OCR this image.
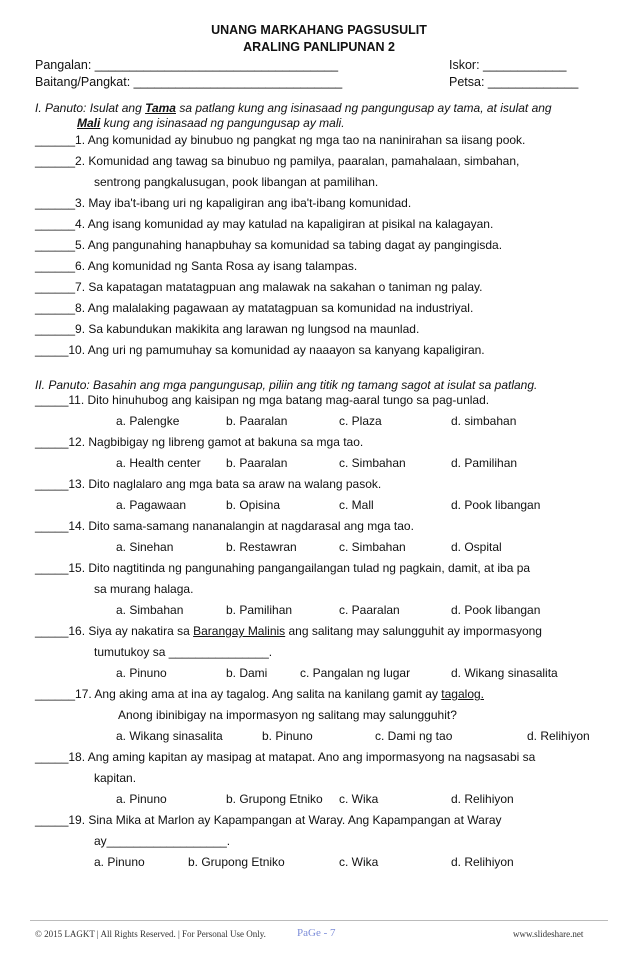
UNANG MARKAHANG PAGSUSULIT
ARALING PANLIPUNAN 2
Pangalan: ___________________________________	Iskor: ____________
Baitang/Pangkat: ______________________________	Petsa: _____________
I. Panuto: Isulat ang Tama sa patlang kung ang isinasaad ng pangungusap ay tama, at isulat ang
Mali kung ang isinasaad ng pangungusap ay mali.
______1. Ang komunidad ay binubuo ng pangkat ng mga tao na naninirahan sa iisang pook.
______2. Komunidad ang tawag sa binubuo ng pamilya, paaralan, pamahalaan, simbahan,
sentrong pangkalusugan, pook libangan at pamilihan.
______3. May iba't-ibang uri ng kapaligiran ang iba't-ibang komunidad.
______4. Ang isang komunidad ay may katulad na kapaligiran at pisikal na kalagayan.
______5. Ang pangunahing hanapbuhay sa komunidad sa tabing dagat ay pangingisda.
______6. Ang komunidad ng Santa Rosa ay isang talampas.
______7. Sa kapatagan matatagpuan ang malawak na sakahan o taniman ng palay.
______8. Ang malalaking pagawaan ay matatagpuan sa komunidad na industriyal.
______9. Sa kabundukan makikita ang larawan ng lungsod na maunlad.
_____10. Ang uri ng pamumuhay sa komunidad ay naaayon sa kanyang kapaligiran.
II. Panuto: Basahin ang mga pangungusap, piliin ang titik ng tamang sagot at isulat sa patlang.
_____11. Dito hinuhubog ang kaisipan ng mga batang mag-aaral tungo sa pag-unlad.
a. Palengke	b. Paaralan	c. Plaza	d. simbahan
_____12. Nagbibigay ng libreng gamot at bakuna sa mga tao.
a. Health center b. Paaralan	c. Simbahan	d. Pamilihan
_____13. Dito naglalaro ang mga bata sa araw na walang pasok.
a. Pagawaan	b. Opisina	c. Mall	d. Pook libangan
_____14. Dito sama-samang nananalangin at nagdarasal ang mga tao.
a. Sinehan	b. Restawran	c. Simbahan	d. Ospital
_____15. Dito nagtitinda ng pangunahing pangangailangan tulad ng pagkain, damit, at iba pa
sa murang halaga.
a. Simbahan	b. Pamilihan	c. Paaralan	d. Pook libangan
_____16. Siya ay nakatira sa Barangay Malinis ang salitang may salungguhit ay impormasyong
tumutukoy sa _______________.
a. Pinuno	b. Dami	c. Pangalan ng lugar	d. Wikang sinasalita
______17. Ang aking ama at ina ay tagalog. Ang salita na kanilang gamit ay tagalog.
Anong ibinibigay na impormasyon ng salitang may salungguhit?
a. Wikang sinasalita	b. Pinuno	c. Dami ng tao	d. Relihiyon
_____18. Ang aming kapitan ay masipag at matapat. Ano ang impormasyong na nagsasabi sa
kapitan.
a. Pinuno	b. Grupong Etniko c. Wika	d. Relihiyon
_____19. Sina Mika at Marlon ay Kapampangan at Waray. Ang Kapampangan at Waray
ay__________________.
a. Pinuno	b. Grupong Etniko	c. Wika	d. Relihiyon
© 2015 LAGKT | All Rights Reserved. | For Personal Use Only.	PaGe - 7	www.slideshare.net
